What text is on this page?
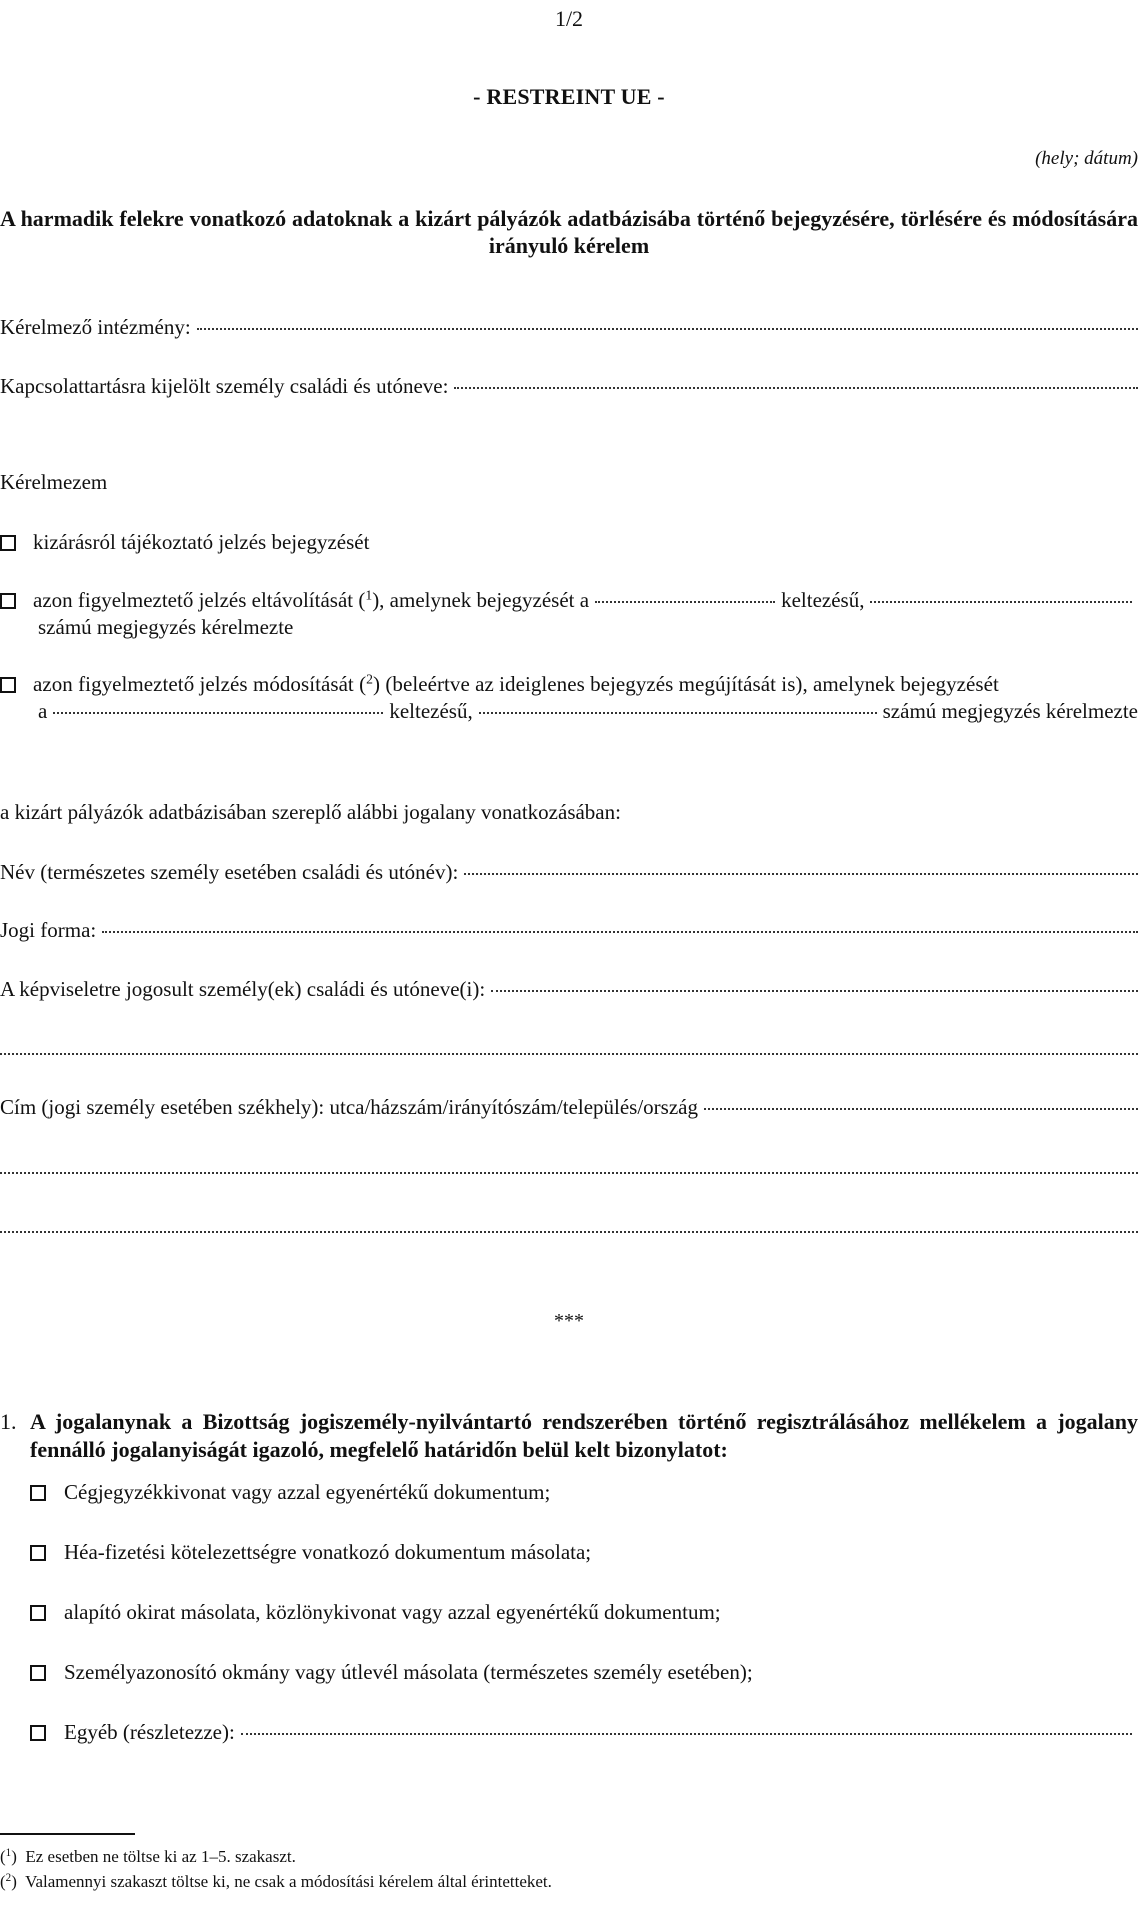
1/2
- RESTREINT UE -
(hely; dátum)
A harmadik felekre vonatkozó adatoknak a kizárt pályázók adatbázisába történő bejegyzésére, törlésére és módosítására irányuló kérelem
Kérelmező intézmény:
Kapcsolattartásra kijelölt személy családi és utóneve:
Kérelmezem
kizárásról tájékoztató jelzés bejegyzését
azon figyelmeztető jelzés eltávolítását ($^1$), amelynek bejegyzését a	keltezésű,
számú megjegyzés kérelmezte
azon figyelmeztető jelzés módosítását ($^2$) (beleértve az ideiglenes bejegyzés megújítását is), amelynek bejegyzését
a	keltezésű,	számú megjegyzés kérelmezte
a kizárt pályázók adatbázisában szereplő alábbi jogalany vonatkozásában:
Név (természetes személy esetében családi és utónév):
Jogi forma:
A képviseletre jogosult személy(ek) családi és utóneve(i):
Cím (jogi személy esetében székhely): utca/házszám/irányítószám/település/ország
***
1. A jogalanynak a Bizottság jogiszemély-nyilvántartó rendszerében történő regisztrálásához mellékelem a jogalany fennálló jogalanyiságát igazoló, megfelelő határidőn belül kelt bizonylatot:
Cégjegyzékkivonat vagy azzal egyenértékű dokumentum;
Héa-fizetési kötelezettségre vonatkozó dokumentum másolata;
alapító okirat másolata, közlönykivonat vagy azzal egyenértékű dokumentum;
Személyazonosító okmány vagy útlevél másolata (természetes személy esetében);
Egyéb (részletezze):
($^1$)  Ez esetben ne töltse ki az 1–5. szakaszt.
($^2$)  Valamennyi szakaszt töltse ki, ne csak a módosítási kérelem által érintetteket.
